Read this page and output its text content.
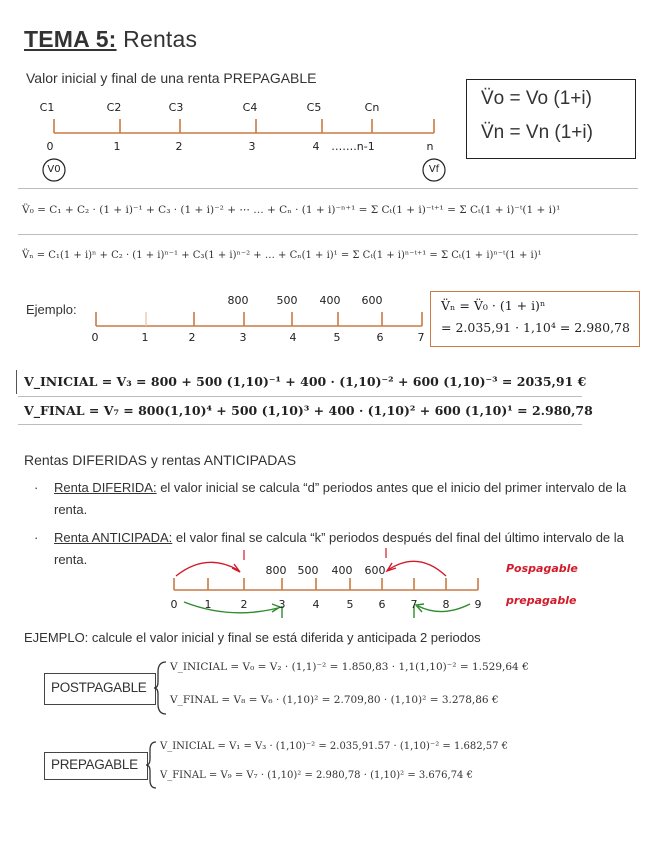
TEMA 5: Rentas
Valor inicial y final de una renta PREPAGABLE
C1	C2	C3	C4	C5	Cn
0	1	2	3	4 …….n-1	n
V0	Vf
V̈o = Vo (1+i)
V̈n = Vn (1+i)
V̈₀ = C₁ + C₂ · (1 + i)⁻¹ + C₃ · (1 + i)⁻² + ⋯ … + Cₙ · (1 + i)⁻ⁿ⁺¹ = Σ Cₜ(1 + i)⁻ᵗ⁺¹ = Σ Cₜ(1 + i)⁻ᵗ(1 + i)¹
V̈ₙ = C₁(1 + i)ⁿ + C₂ · (1 + i)ⁿ⁻¹ + C₃(1 + i)ⁿ⁻² + … + Cₙ(1 + i)¹ = Σ Cₜ(1 + i)ⁿ⁻ᵗ⁺¹ = Σ Cₜ(1 + i)ⁿ⁻ᵗ(1 + i)¹
Ejemplo:
800	500 400 600
0	1	2	3	4	5	6	7
V̈ₙ = V̈₀ · (1 + i)ⁿ
= 2.035,91 · 1,10⁴ = 2.980,78
V_INICIAL = V₃ = 800 + 500 (1,10)⁻¹ + 400 · (1,10)⁻² + 600 (1,10)⁻³ = 2035,91 €
V_FINAL = V₇ = 800(1,10)⁴ + 500 (1,10)³ + 400 · (1,10)² + 600 (1,10)¹ = 2.980,78
Rentas DIFERIDAS y rentas ANTICIPADAS
· Renta DIFERIDA: el valor inicial se calcula “d” periodos antes que el inicio del primer intervalo de la renta.
· Renta ANTICIPADA: el valor final se calcula “k” periodos después del final del último intervalo de la renta.
800 500 400 600
0 1	2	3 4 5 6 7 8 9
Pospagable
prepagable
EJEMPLO: calcule el valor inicial y final se está diferida y anticipada 2 periodos
POSTPAGABLE
V_INICIAL = V₀ = V₂ · (1,1)⁻² = 1.850,83 · 1,1(1,10)⁻² = 1.529,64 €
V_FINAL = V₈ = V₆ · (1,10)² = 2.709,80 · (1,10)² = 3.278,86 €
PREPAGABLE
V_INICIAL = V₁ = V₃ · (1,10)⁻² = 2.035,91.57 · (1,10)⁻² = 1.682,57 €
V_FINAL = V₉ = V₇ · (1,10)² = 2.980,78 · (1,10)² = 3.676,74 €
